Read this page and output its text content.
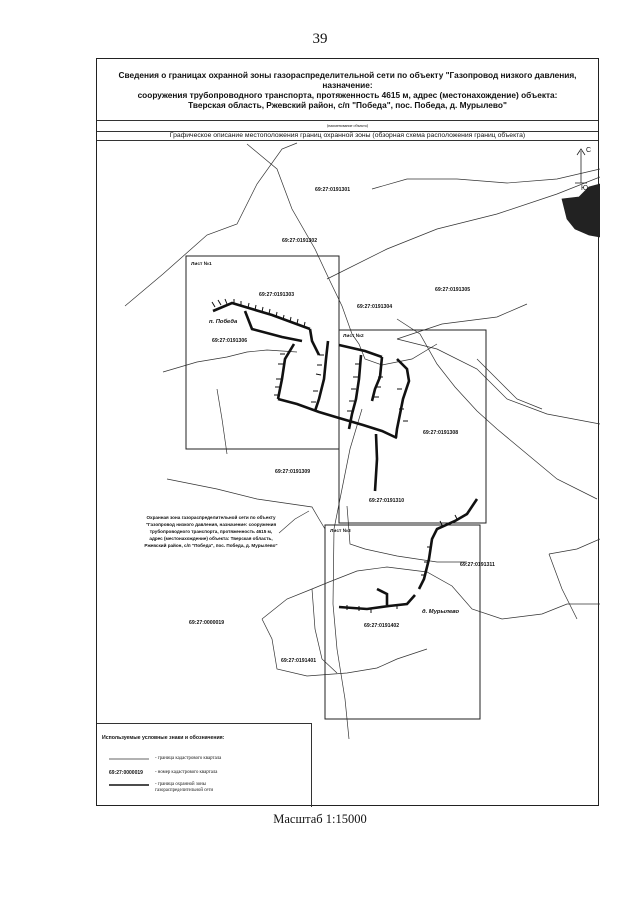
39
Сведения о границах охранной зоны газораспределительной сети по объекту "Газопровод низкого давления, назначение:
сооружения трубопроводного транспорта, протяженность 4615 м, адрес (местонахождение) объекта:
Тверская область, Ржевский район, с/п "Победа", пос. Победа, д. Мурылево"
(наименование объекта)
Графическое описание местоположения границ охранной зоны (обзорная схема расположения границ объекта)
С
Ю
69:27:0191301
69:27:0191302
69:27:0191303
69:27:0191304
69:27:0191305
69:27:0191306
69:27:0191308
69:27:0191309
69:27:0191310
69:27:0191311
69:27:0191401
69:27:0191402
69:27:0000019
Лист №1
Лист №2
Лист №3
п. Победа
д. Мурылево
Охранная зона газораспределительной сети по объекту
"Газопровод низкого давления, назначение: сооружения
трубопроводного транспорта, протяженность 4615 м,
адрес (местонахождение) объекта: Тверская область,
Ржевский район, с/п "Победа", пос. Победа, д. Мурылево"
Используемые условные знаки и обозначения:
- граница кадастрового квартала
69:27:0000019	- номер кадастрового квартала
- граница охранной зоны
газораспределительной сети
Масштаб 1:15000
